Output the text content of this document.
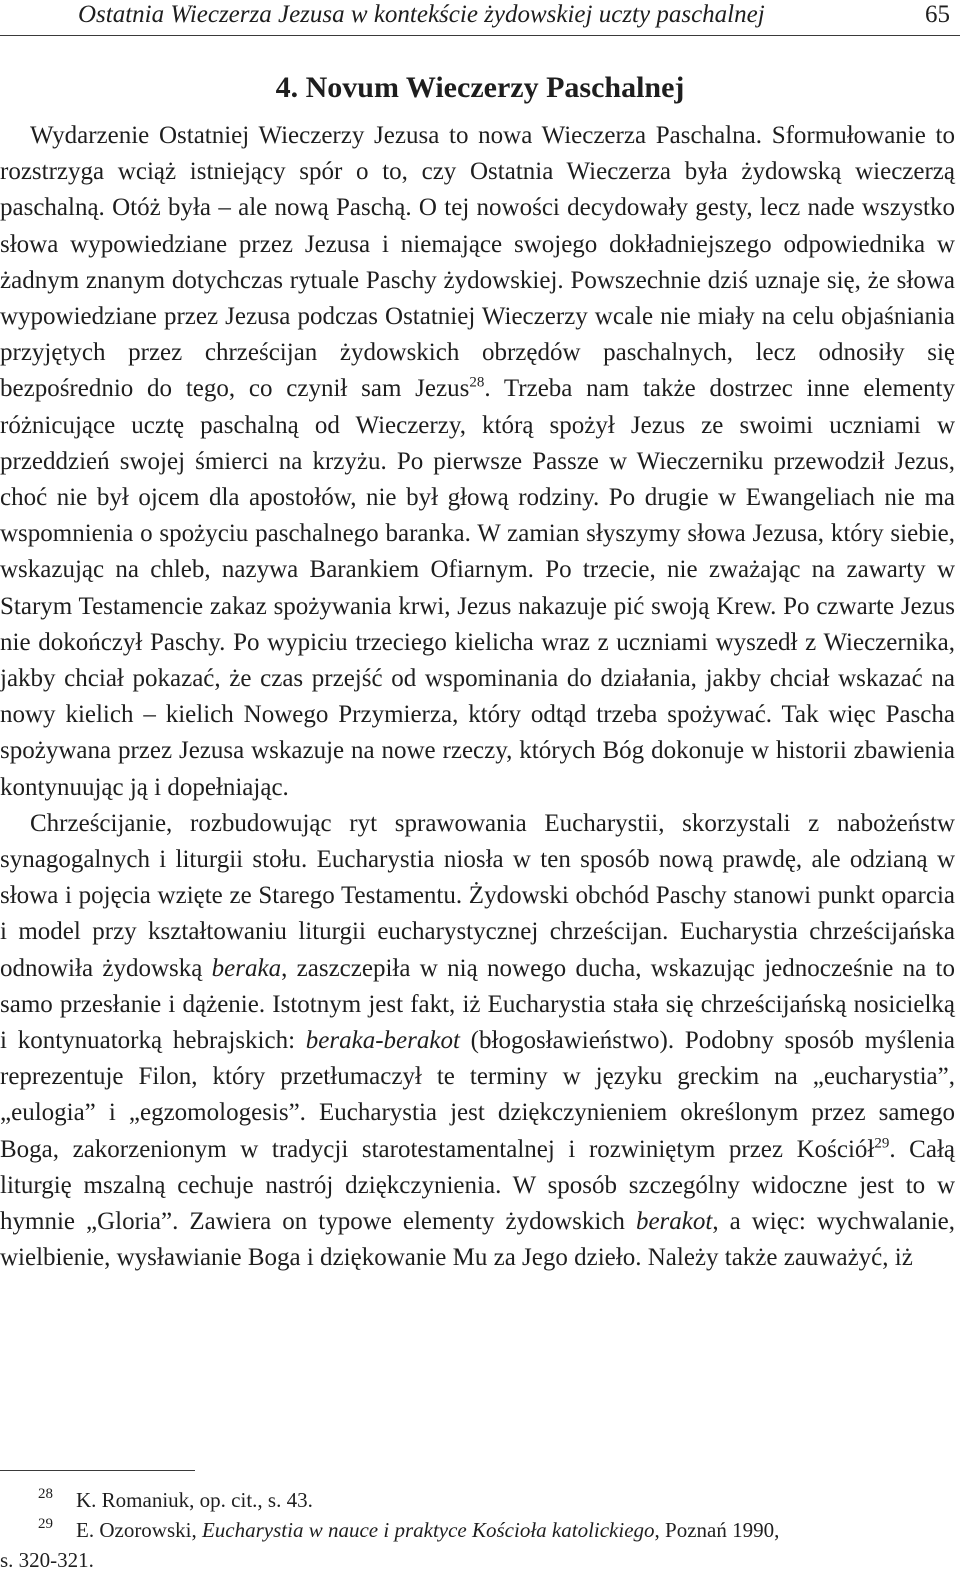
Ostatnia Wieczerza Jezusa w kontekście żydowskiej uczty paschalnej	65
4. Novum Wieczerzy Paschalnej

Wydarzenie Ostatniej Wieczerzy Jezusa to nowa Wieczerza Paschalna. Sformułowanie to rozstrzyga wciąż istniejący spór o to, czy Ostatnia Wieczerza była żydowską wieczerzą paschalną. Otóż była – ale nową Paschą. O tej nowości decydowały gesty, lecz nade wszystko słowa wypowiedziane przez Jezusa i niemające swojego dokładniejszego odpowiednika w żadnym znanym dotychczas rytuale Paschy żydowskiej. Powszechnie dziś uznaje się, że słowa wypowiedziane przez Jezusa podczas Ostatniej Wieczerzy wcale nie miały na celu objaśniania przyjętych przez chrześcijan żydowskich obrzędów paschalnych, lecz odnosiły się bezpośrednio do tego, co czynił sam Jezus$^{28}$. Trzeba nam także dostrzec inne elementy różnicujące ucztę paschalną od Wieczerzy, którą spożył Jezus ze swoimi uczniami w przeddzień swojej śmierci na krzyżu. Po pierwsze Passze w Wieczerniku przewodził Jezus, choć nie był ojcem dla apostołów, nie był głową rodziny. Po drugie w Ewangeliach nie ma wspomnienia o spożyciu paschalnego baranka. W zamian słyszymy słowa Jezusa, który siebie, wskazując na chleb, nazywa Barankiem Ofiarnym. Po trzecie, nie zważając na zawarty w Starym Testamencie zakaz spożywania krwi, Jezus nakazuje pić swoją Krew. Po czwarte Jezus nie dokończył Paschy. Po wypiciu trzeciego kielicha wraz z uczniami wyszedł z Wieczernika, jakby chciał pokazać, że czas przejść od wspominania do działania, jakby chciał wskazać na nowy kielich – kielich Nowego Przymierza, który odtąd trzeba spożywać. Tak więc Pascha spożywana przez Jezusa wskazuje na nowe rzeczy, których Bóg dokonuje w historii zbawienia kontynuując ją i dopełniając.

Chrześcijanie, rozbudowując ryt sprawowania Eucharystii, skorzystali z nabożeństw synagogalnych i liturgii stołu. Eucharystia niosła w ten sposób nową prawdę, ale odzianą w słowa i pojęcia wzięte ze Starego Testamentu. Żydowski obchód Paschy stanowi punkt oparcia i model przy kształtowaniu liturgii eucharystycznej chrześcijan. Eucharystia chrześcijańska odnowiła żydowską beraka, zaszczepiła w nią nowego ducha, wskazując jednocześnie na to samo przesłanie i dążenie. Istotnym jest fakt, iż Eucharystia stała się chrześcijańską nosicielką i kontynuatorką hebrajskich: beraka-berakot (błogosławieństwo). Podobny sposób myślenia reprezentuje Filon, który przetłumaczył te terminy w języku greckim na „eucharystia”, „eulogia” i „egzomologesis”. Eucharystia jest dziękczynieniem określonym przez samego Boga, zakorzenionym w tradycji starotestamentalnej i rozwiniętym przez Kościół$^{29}$. Całą liturgię mszalną cechuje nastrój dziękczynienia. W sposób szczególny widoczne jest to w hymnie „Gloria”. Zawiera on typowe elementy żydowskich berakot, a więc: wychwalanie, wielbienie, wysławianie Boga i dziękowanie Mu za Jego dzieło. Należy także zauważyć, iż

28 K. Romaniuk, op. cit., s. 43.

29 E. Ozorowski, Eucharystia w nauce i praktyce Kościoła katolickiego, Poznań 1990,
s. 320-321.
